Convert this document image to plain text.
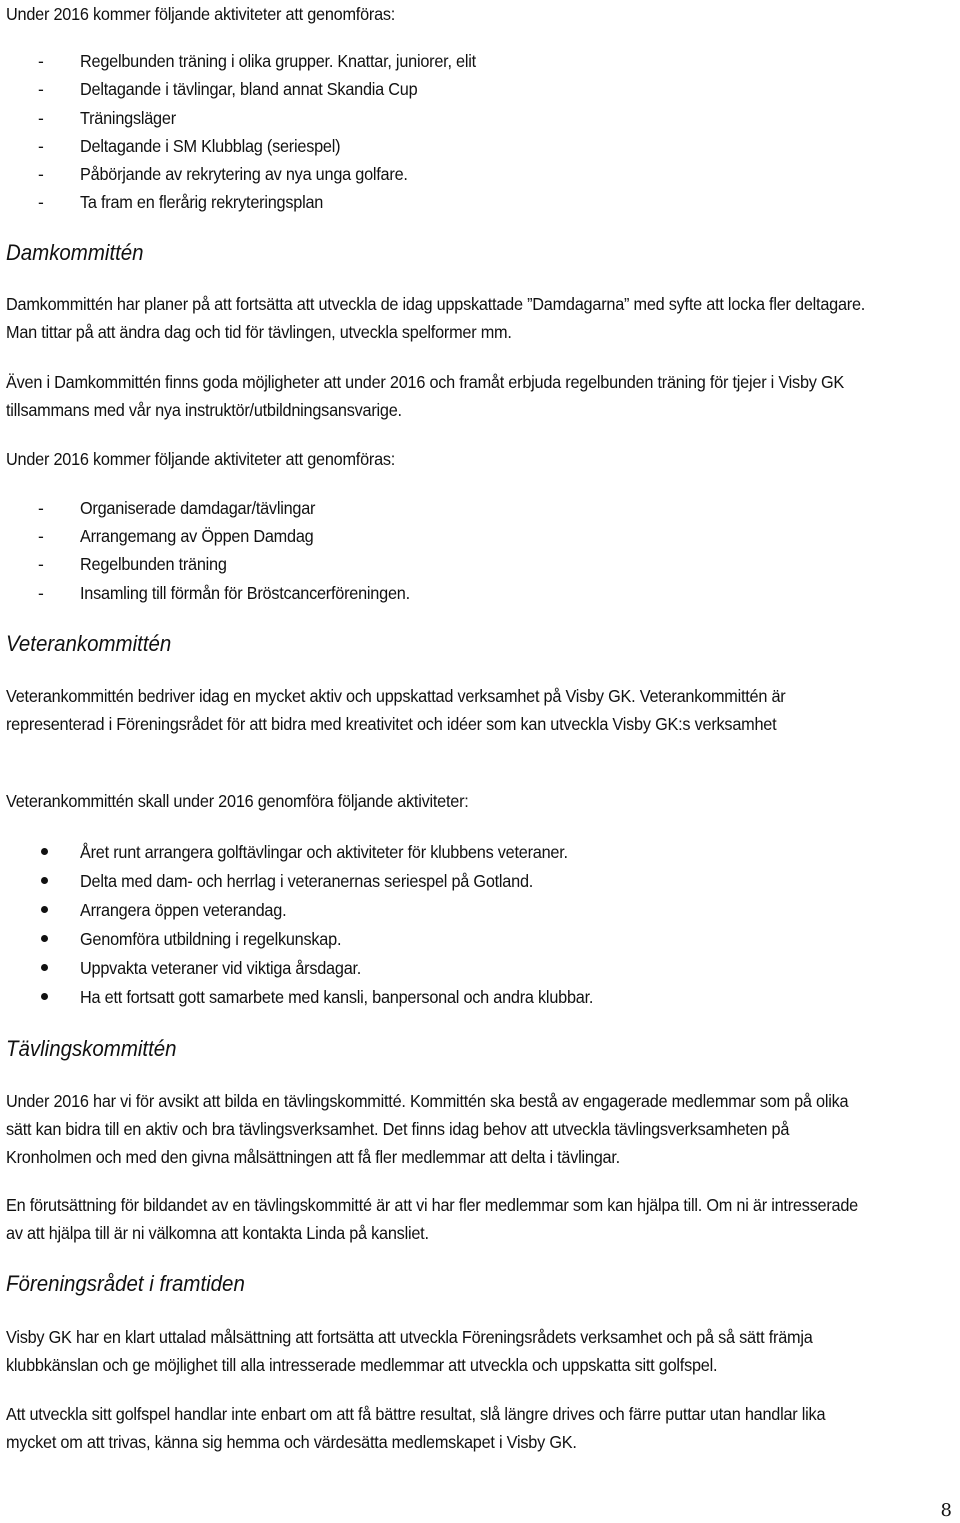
Under 2016 kommer följande aktiviteter att genomföras:

- Regelbunden träning i olika grupper. Knattar, juniorer, elit
- Deltagande i tävlingar, bland annat Skandia Cup
- Träningsläger
- Deltagande i SM Klubblag (seriespel)
- Påbörjande av rekrytering av nya unga golfare.
- Ta fram en flerårig rekryteringsplan
Damkommittén

Damkommittén har planer på att fortsätta att utveckla de idag uppskattade ”Damdagarna” med syfte att locka fler deltagare.

Man tittar på att ändra dag och tid för tävlingen, utveckla spelformer mm.

Även i Damkommittén finns goda möjligheter att under 2016 och framåt erbjuda regelbunden träning för tjejer i Visby GK

tillsammans med vår nya instruktör/utbildningsansvarige.

Under 2016 kommer följande aktiviteter att genomföras:

- Organiserade damdagar/tävlingar
- Arrangemang av Öppen Damdag
- Regelbunden träning
- Insamling till förmån för Bröstcancerföreningen.
Veterankommittén

Veterankommittén bedriver idag en mycket aktiv och uppskattad verksamhet på Visby GK. Veterankommittén är

representerad i Föreningsrådet för att bidra med kreativitet och idéer som kan utveckla Visby GK:s verksamhet

Veterankommittén skall under 2016 genomföra följande aktiviteter:

Året runt arrangera golftävlingar och aktiviteter för klubbens veteraner.
Delta med dam- och herrlag i veteranernas seriespel på Gotland.
Arrangera öppen veterandag.
Genomföra utbildning i regelkunskap.
Uppvakta veteraner vid viktiga årsdagar.
Ha ett fortsatt gott samarbete med kansli, banpersonal och andra klubbar.
Tävlingskommittén

Under 2016 har vi för avsikt att bilda en tävlingskommitté. Kommittén ska bestå av engagerade medlemmar som på olika

sätt kan bidra till en aktiv och bra tävlingsverksamhet. Det finns idag behov att utveckla tävlingsverksamheten på

Kronholmen och med den givna målsättningen att få fler medlemmar att delta i tävlingar.

En förutsättning för bildandet av en tävlingskommitté är att vi har fler medlemmar som kan hjälpa till. Om ni är intresserade

av att hjälpa till är ni välkomna att kontakta Linda på kansliet.

Föreningsrådet i framtiden

Visby GK har en klart uttalad målsättning att fortsätta att utveckla Föreningsrådets verksamhet och på så sätt främja

klubbkänslan och ge möjlighet till alla intresserade medlemmar att utveckla och uppskatta sitt golfspel.

Att utveckla sitt golfspel handlar inte enbart om att få bättre resultat, slå längre drives och färre puttar utan handlar lika

mycket om att trivas, känna sig hemma och värdesätta medlemskapet i Visby GK.

8
